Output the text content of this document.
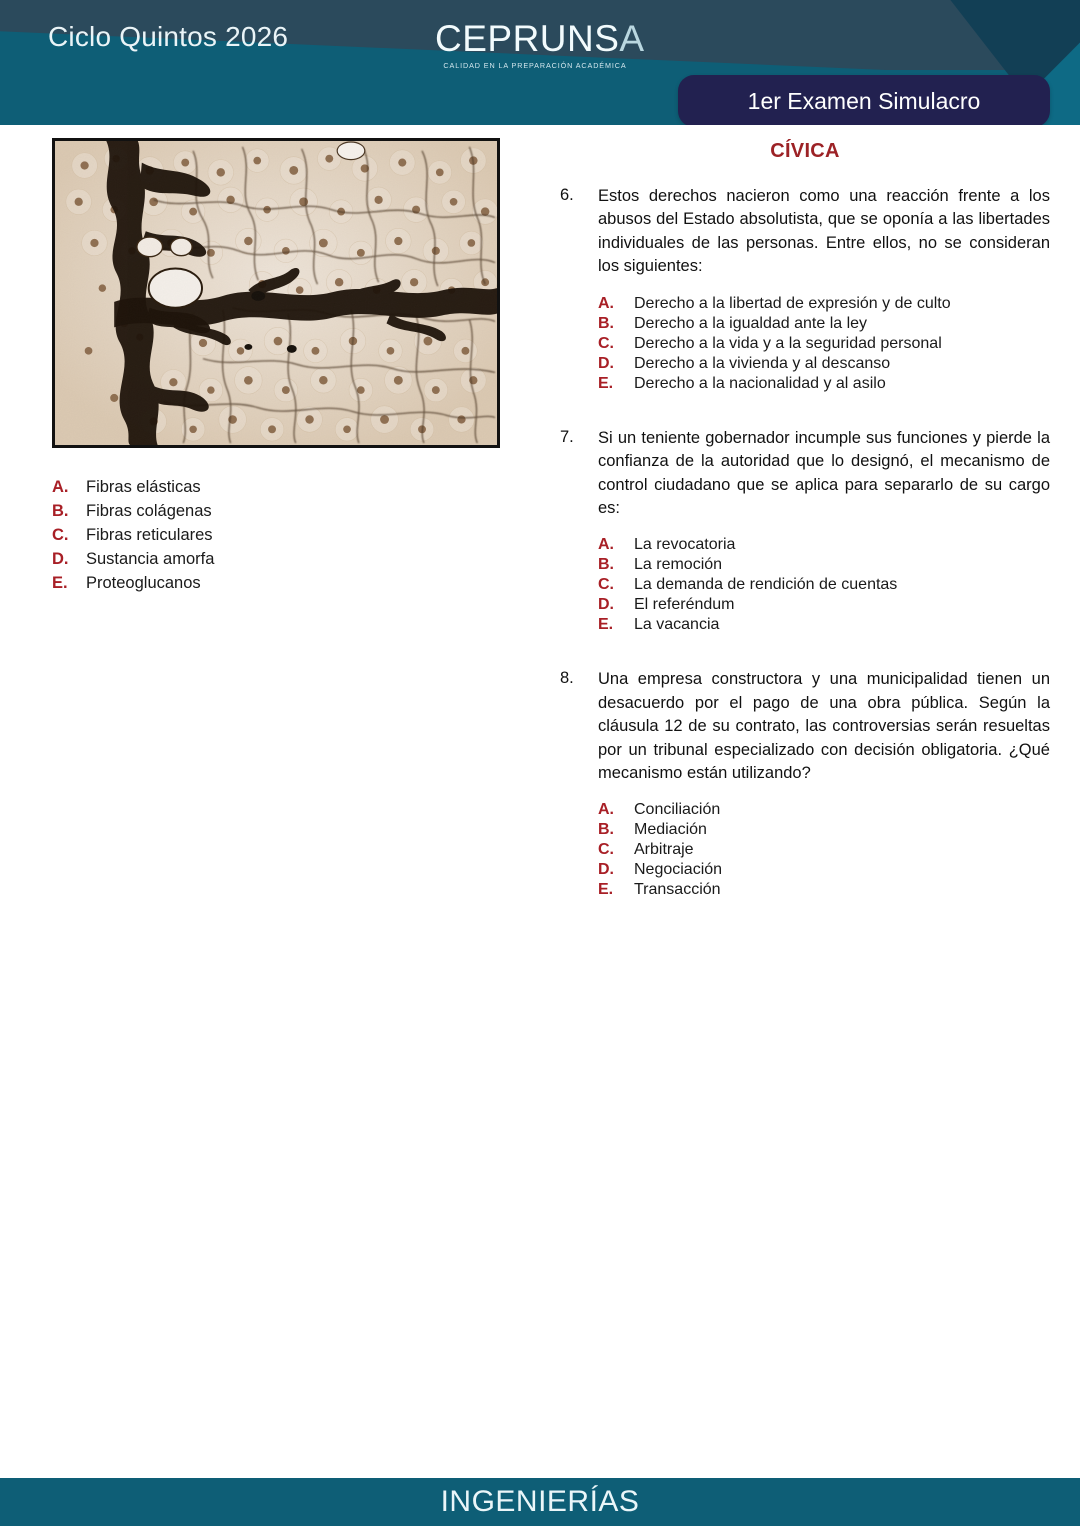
Ciclo Quintos 2026	CEPRUNSA
CALIDAD EN LA PREPARACIÓN ACADÉMICA
1er Examen Simulacro
A.	Fibras elásticas
B.	Fibras colágenas
C.	Fibras reticulares
D.	Sustancia amorfa
E.	Proteoglucanos
CÍVICA
6.	Estos derechos nacieron como una reacción frente a los abusos del Estado absolutista, que se oponía a las libertades individuales de las personas. Entre ellos, no se consideran los siguientes:

A.	Derecho a la libertad de expresión y de culto
B.	Derecho a la igualdad ante la ley
C.	Derecho a la vida y a la seguridad personal
D.	Derecho a la vivienda y al descanso
E.	Derecho a la nacionalidad y al asilo
7.	Si un teniente gobernador incumple sus funciones y pierde la confianza de la autoridad que lo designó, el mecanismo de control ciudadano que se aplica para separarlo de su cargo es:

A.	La revocatoria
B.	La remoción
C.	La demanda de rendición de cuentas
D.	El referéndum
E.	La vacancia
8.	Una empresa constructora y una municipalidad tienen un desacuerdo por el pago de una obra pública. Según la cláusula 12 de su contrato, las controversias serán resueltas por un tribunal especializado con decisión obligatoria. ¿Qué mecanismo están utilizando?

A.	Conciliación
B.	Mediación
C.	Arbitraje
D.	Negociación
E.	Transacción
INGENIERÍAS
